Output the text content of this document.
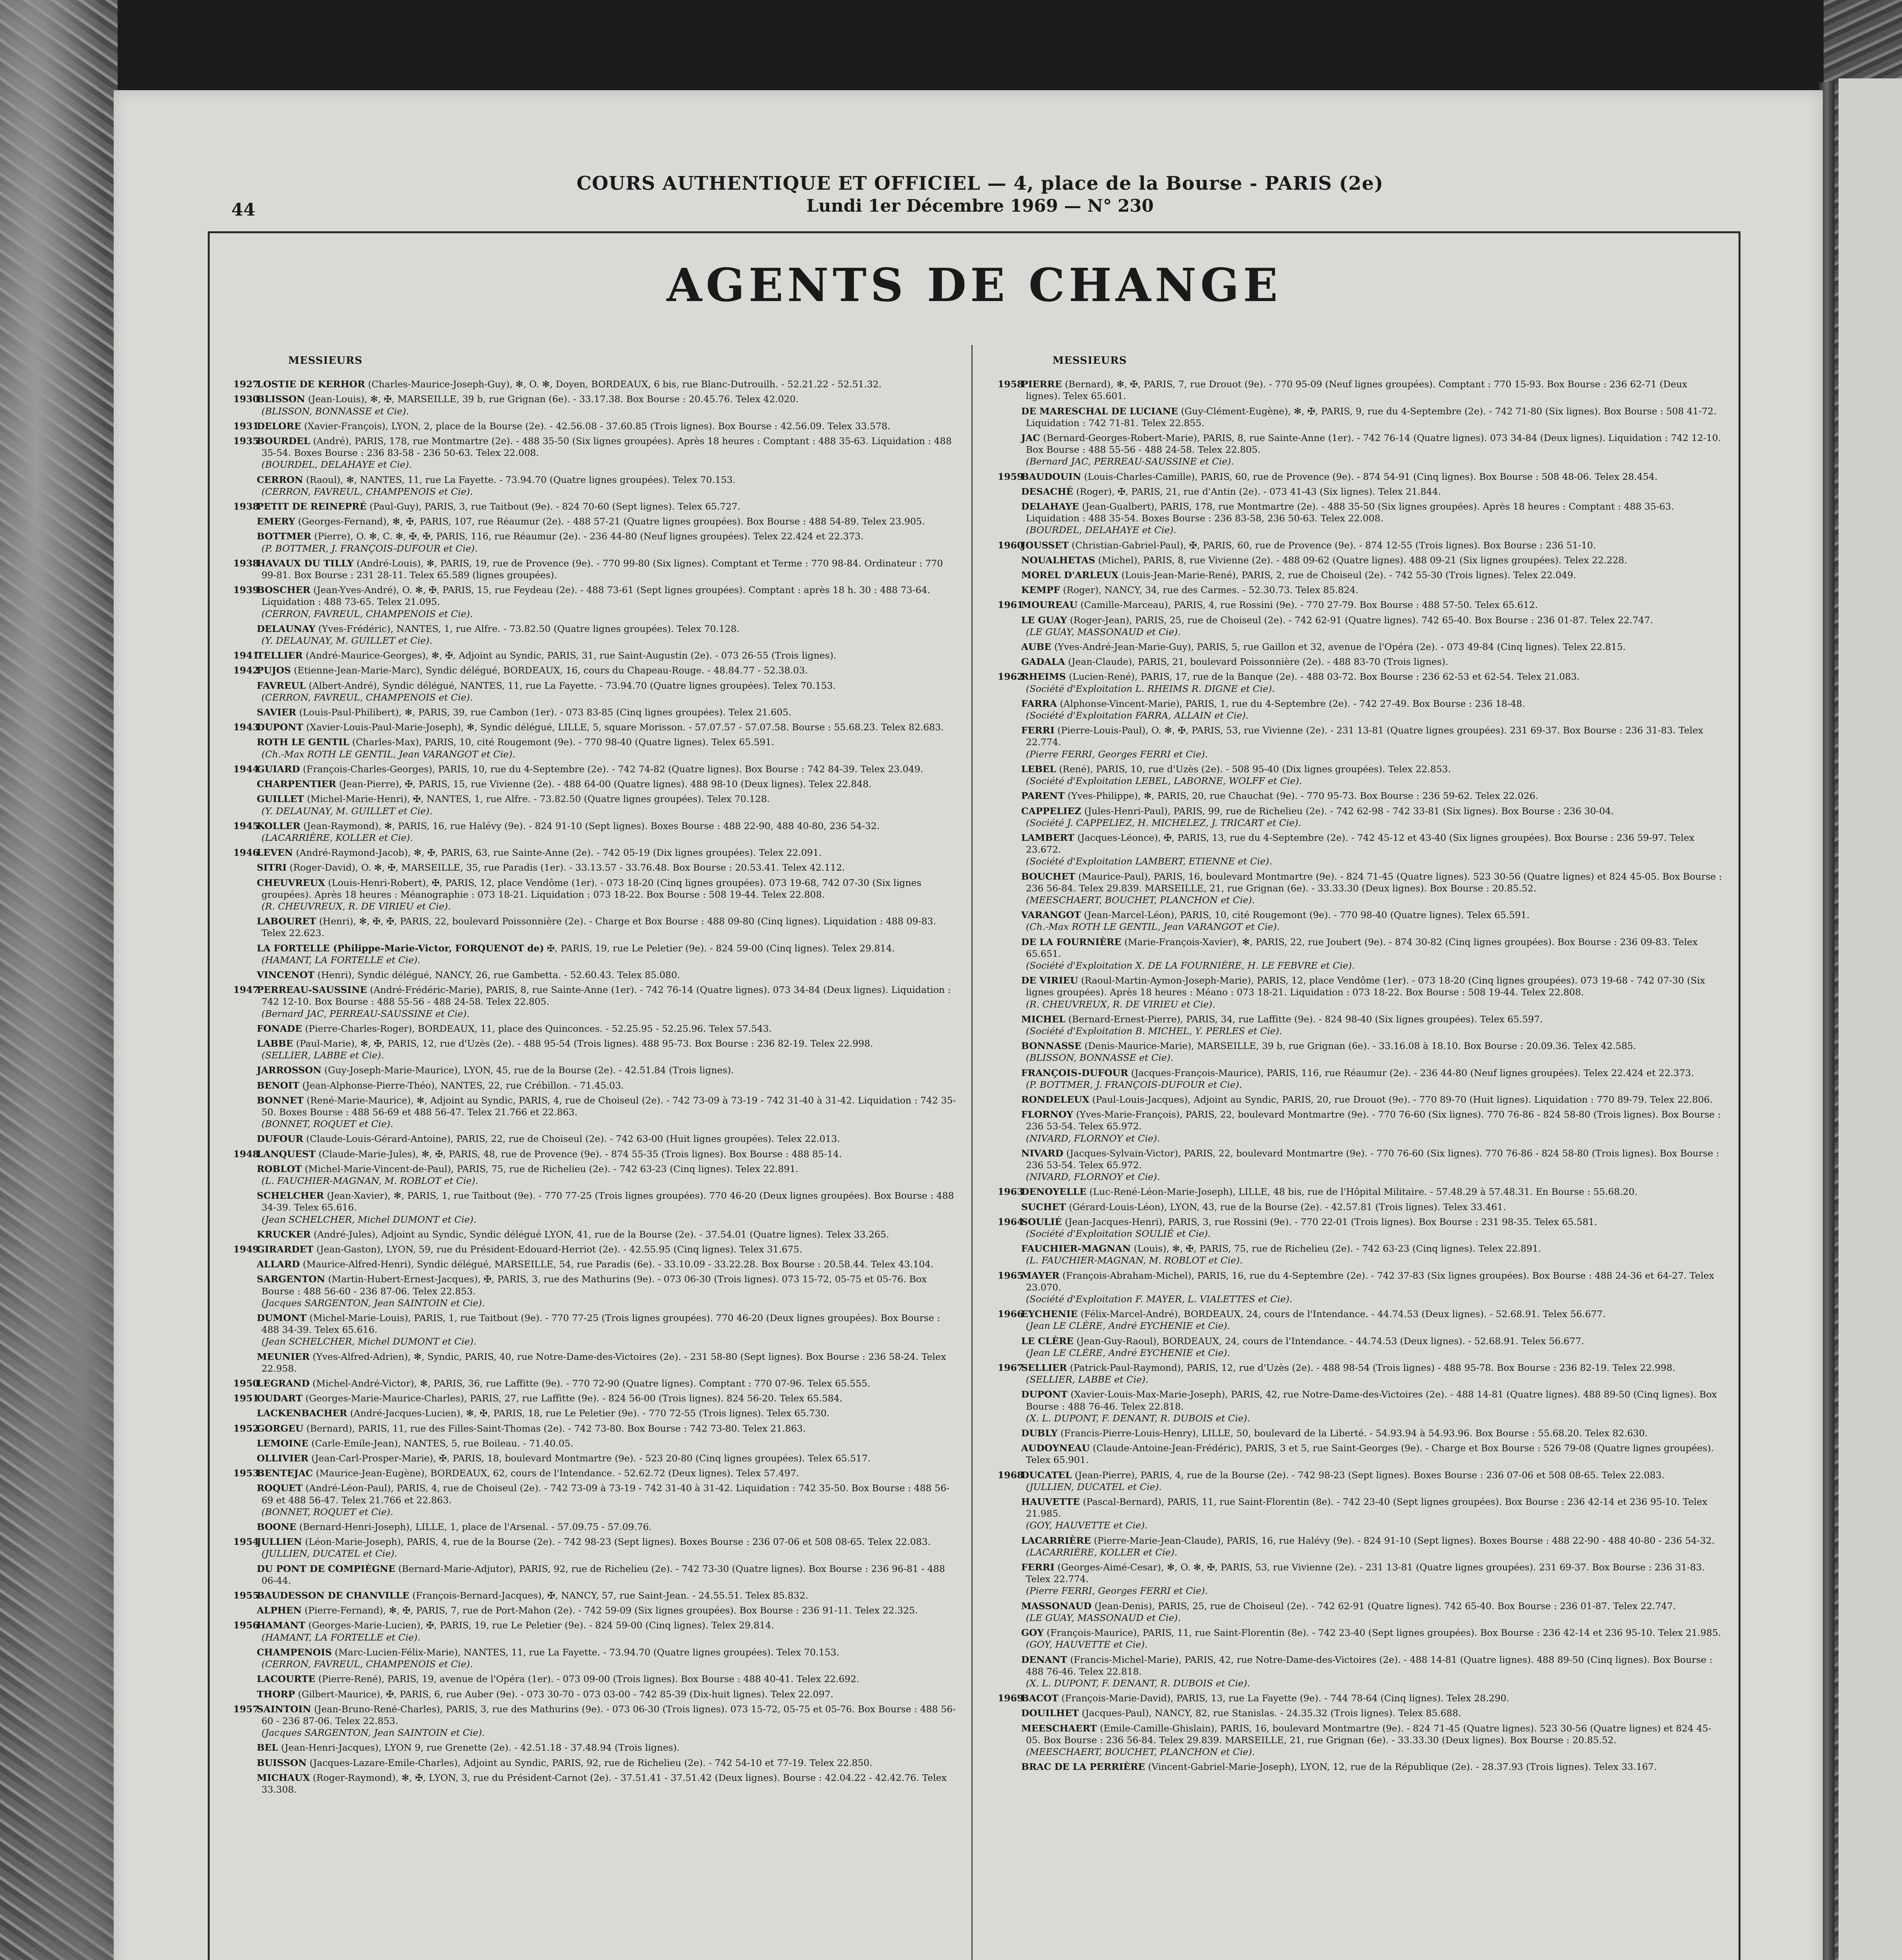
44
COURS AUTHENTIQUE ET OFFICIEL — 4, place de la Bourse - PARIS (2e)
Lundi 1er Décembre 1969 — N° 230
AGENTS DE CHANGE
MESSIEURS
1927
LOSTIE DE KERHOR (Charles-Maurice-Joseph-Guy), ✻, O. ✻, Doyen, BORDEAUX, 6 bis, rue Blanc-Dutrouilh. - 52.21.22 - 52.51.32.
1930
BLISSON (Jean-Louis), ✻, ✠, MARSEILLE, 39 b, rue Grignan (6e). - 33.17.38. Box Bourse : 20.45.76. Telex 42.020.
(BLISSON, BONNASSE et Cie).
1931
DELORE (Xavier-François), LYON, 2, place de la Bourse (2e). - 42.56.08 - 37.60.85 (Trois lignes). Box Bourse : 42.56.09. Telex 33.578.
1935
BOURDEL (André), PARIS, 178, rue Montmartre (2e). - 488 35-50 (Six lignes groupées). Après 18 heures : Comptant : 488 35-63. Liquidation : 488 35-54. Boxes Bourse : 236 83-58 - 236 50-63. Telex 22.008.
(BOURDEL, DELAHAYE et Cie).
CERRON (Raoul), ✻, NANTES, 11, rue La Fayette. - 73.94.70 (Quatre lignes groupées). Telex 70.153.
(CERRON, FAVREUL, CHAMPENOIS et Cie).
1938
PETIT DE REINEPRÉ (Paul-Guy), PARIS, 3, rue Taitbout (9e). - 824 70-60 (Sept lignes). Telex 65.727.
EMERY (Georges-Fernand), ✻, ✠, PARIS, 107, rue Réaumur (2e). - 488 57-21 (Quatre lignes groupées). Box Bourse : 488 54-89. Telex 23.905.
BOTTMER (Pierre), O. ✻, C. ✻, ✠, ✠, PARIS, 116, rue Réaumur (2e). - 236 44-80 (Neuf lignes groupées). Telex 22.424 et 22.373.
(P. BOTTMER, J. FRANÇOIS-DUFOUR et Cie).
1938
HAVAUX DU TILLY (André-Louis), ✻, PARIS, 19, rue de Provence (9e). - 770 99-80 (Six lignes). Comptant et Terme : 770 98-84. Ordinateur : 770 99-81. Box Bourse : 231 28-11. Telex 65.589 (lignes groupées).
1939
BOSCHER (Jean-Yves-André), O. ✻, ✠, PARIS, 15, rue Feydeau (2e). - 488 73-61 (Sept lignes groupées). Comptant : après 18 h. 30 : 488 73-64. Liquidation : 488 73-65. Telex 21.095.
(CERRON, FAVREUL, CHAMPENOIS et Cie).
DELAUNAY (Yves-Frédéric), NANTES, 1, rue Alfre. - 73.82.50 (Quatre lignes groupées). Telex 70.128.
(Y. DELAUNAY, M. GUILLET et Cie).
1941
TELLIER (André-Maurice-Georges), ✻, ✠, Adjoint au Syndic, PARIS, 31, rue Saint-Augustin (2e). - 073 26-55 (Trois lignes).
1942
PUJOS (Etienne-Jean-Marie-Marc), Syndic délégué, BORDEAUX, 16, cours du Chapeau-Rouge. - 48.84.77 - 52.38.03.
FAVREUL (Albert-André), Syndic délégué, NANTES, 11, rue La Fayette. - 73.94.70 (Quatre lignes groupées). Telex 70.153.
(CERRON, FAVREUL, CHAMPENOIS et Cie).
SAVIER (Louis-Paul-Philibert), ✻, PARIS, 39, rue Cambon (1er). - 073 83-85 (Cinq lignes groupées). Telex 21.605.
1943
DUPONT (Xavier-Louis-Paul-Marie-Joseph), ✻, Syndic délégué, LILLE, 5, square Morisson. - 57.07.57 - 57.07.58. Bourse : 55.68.23. Telex 82.683.
ROTH LE GENTIL (Charles-Max), PARIS, 10, cité Rougemont (9e). - 770 98-40 (Quatre lignes). Telex 65.591.
(Ch.-Max ROTH LE GENTIL, Jean VARANGOT et Cie).
1944
GUIARD (François-Charles-Georges), PARIS, 10, rue du 4-Septembre (2e). - 742 74-82 (Quatre lignes). Box Bourse : 742 84-39. Telex 23.049.
CHARPENTIER (Jean-Pierre), ✠, PARIS, 15, rue Vivienne (2e). - 488 64-00 (Quatre lignes). 488 98-10 (Deux lignes). Telex 22.848.
GUILLET (Michel-Marie-Henri), ✠, NANTES, 1, rue Alfre. - 73.82.50 (Quatre lignes groupées). Telex 70.128.
(Y. DELAUNAY, M. GUILLET et Cie).
1945
KOLLER (Jean-Raymond), ✻, PARIS, 16, rue Halévy (9e). - 824 91-10 (Sept lignes). Boxes Bourse : 488 22-90, 488 40-80, 236 54-32.
(LACARRIÈRE, KOLLER et Cie).
1946
LEVEN (André-Raymond-Jacob), ✻, ✠, PARIS, 63, rue Sainte-Anne (2e). - 742 05-19 (Dix lignes groupées). Telex 22.091.
SITRI (Roger-David), O. ✻, ✠, MARSEILLE, 35, rue Paradis (1er). - 33.13.57 - 33.76.48. Box Bourse : 20.53.41. Telex 42.112.
CHEUVREUX (Louis-Henri-Robert), ✠, PARIS, 12, place Vendôme (1er). - 073 18-20 (Cinq lignes groupées). 073 19-68, 742 07-30 (Six lignes groupées). Après 18 heures : Méanographie : 073 18-21. Liquidation : 073 18-22. Box Bourse : 508 19-44. Telex 22.808.
(R. CHEUVREUX, R. DE VIRIEU et Cie).
LABOURET (Henri), ✻, ✠, ✠, PARIS, 22, boulevard Poissonnière (2e). - Charge et Box Bourse : 488 09-80 (Cinq lignes). Liquidation : 488 09-83. Telex 22.623.
LA FORTELLE (Philippe-Marie-Victor, FORQUENOT de) ✠, PARIS, 19, rue Le Peletier (9e). - 824 59-00 (Cinq lignes). Telex 29.814.
(HAMANT, LA FORTELLE et Cie).
VINCENOT (Henri), Syndic délégué, NANCY, 26, rue Gambetta. - 52.60.43. Telex 85.080.
1947
PERREAU-SAUSSINE (André-Frédéric-Marie), PARIS, 8, rue Sainte-Anne (1er). - 742 76-14 (Quatre lignes). 073 34-84 (Deux lignes). Liquidation : 742 12-10. Box Bourse : 488 55-56 - 488 24-58. Telex 22.805.
(Bernard JAC, PERREAU-SAUSSINE et Cie).
FONADE (Pierre-Charles-Roger), BORDEAUX, 11, place des Quinconces. - 52.25.95 - 52.25.96. Telex 57.543.
LABBE (Paul-Marie), ✻, ✠, PARIS, 12, rue d'Uzès (2e). - 488 95-54 (Trois lignes). 488 95-73. Box Bourse : 236 82-19. Telex 22.998.
(SELLIER, LABBE et Cie).
JARROSSON (Guy-Joseph-Marie-Maurice), LYON, 45, rue de la Bourse (2e). - 42.51.84 (Trois lignes).
BENOIT (Jean-Alphonse-Pierre-Théo), NANTES, 22, rue Crébillon. - 71.45.03.
BONNET (René-Marie-Maurice), ✻, Adjoint au Syndic, PARIS, 4, rue de Choiseul (2e). - 742 73-09 à 73-19 - 742 31-40 à 31-42. Liquidation : 742 35-50. Boxes Bourse : 488 56-69 et 488 56-47. Telex 21.766 et 22.863.
(BONNET, ROQUET et Cie).
DUFOUR (Claude-Louis-Gérard-Antoine), PARIS, 22, rue de Choiseul (2e). - 742 63-00 (Huit lignes groupées). Telex 22.013.
1948
LANQUEST (Claude-Marie-Jules), ✻, ✠, PARIS, 48, rue de Provence (9e). - 874 55-35 (Trois lignes). Box Bourse : 488 85-14.
ROBLOT (Michel-Marie-Vincent-de-Paul), PARIS, 75, rue de Richelieu (2e). - 742 63-23 (Cinq lignes). Telex 22.891.
(L. FAUCHIER-MAGNAN, M. ROBLOT et Cie).
SCHELCHER (Jean-Xavier), ✻, PARIS, 1, rue Taitbout (9e). - 770 77-25 (Trois lignes groupées). 770 46-20 (Deux lignes groupées). Box Bourse : 488 34-39. Telex 65.616.
(Jean SCHELCHER, Michel DUMONT et Cie).
KRUCKER (André-Jules), Adjoint au Syndic, Syndic délégué LYON, 41, rue de la Bourse (2e). - 37.54.01 (Quatre lignes). Telex 33.265.
1949
GIRARDET (Jean-Gaston), LYON, 59, rue du Président-Edouard-Herriot (2e). - 42.55.95 (Cinq lignes). Telex 31.675.
ALLARD (Maurice-Alfred-Henri), Syndic délégué, MARSEILLE, 54, rue Paradis (6e). - 33.10.09 - 33.22.28. Box Bourse : 20.58.44. Telex 43.104.
SARGENTON (Martin-Hubert-Ernest-Jacques), ✠, PARIS, 3, rue des Mathurins (9e). - 073 06-30 (Trois lignes). 073 15-72, 05-75 et 05-76. Box Bourse : 488 56-60 - 236 87-06. Telex 22.853.
(Jacques SARGENTON, Jean SAINTOIN et Cie).
DUMONT (Michel-Marie-Louis), PARIS, 1, rue Taitbout (9e). - 770 77-25 (Trois lignes groupées). 770 46-20 (Deux lignes groupées). Box Bourse : 488 34-39. Telex 65.616.
(Jean SCHELCHER, Michel DUMONT et Cie).
MEUNIER (Yves-Alfred-Adrien), ✻, Syndic, PARIS, 40, rue Notre-Dame-des-Victoires (2e). - 231 58-80 (Sept lignes). Box Bourse : 236 58-24. Telex 22.958.
1950
LEGRAND (Michel-André-Victor), ✻, PARIS, 36, rue Laffitte (9e). - 770 72-90 (Quatre lignes). Comptant : 770 07-96. Telex 65.555.
1951
OUDART (Georges-Marie-Maurice-Charles), PARIS, 27, rue Laffitte (9e). - 824 56-00 (Trois lignes). 824 56-20. Telex 65.584.
LACKENBACHER (André-Jacques-Lucien), ✻, ✠, PARIS, 18, rue Le Peletier (9e). - 770 72-55 (Trois lignes). Telex 65.730.
1952
GORGEU (Bernard), PARIS, 11, rue des Filles-Saint-Thomas (2e). - 742 73-80. Box Bourse : 742 73-80. Telex 21.863.
LEMOINE (Carle-Emile-Jean), NANTES, 5, rue Boileau. - 71.40.05.
OLLIVIER (Jean-Carl-Prosper-Marie), ✠, PARIS, 18, boulevard Montmartre (9e). - 523 20-80 (Cinq lignes groupées). Telex 65.517.
1953
BENTEJAC (Maurice-Jean-Eugène), BORDEAUX, 62, cours de l'Intendance. - 52.62.72 (Deux lignes). Telex 57.497.
ROQUET (André-Léon-Paul), PARIS, 4, rue de Choiseul (2e). - 742 73-09 à 73-19 - 742 31-40 à 31-42. Liquidation : 742 35-50. Box Bourse : 488 56-69 et 488 56-47. Telex 21.766 et 22.863.
(BONNET, ROQUET et Cie).
BOONE (Bernard-Henri-Joseph), LILLE, 1, place de l'Arsenal. - 57.09.75 - 57.09.76.
1954
JULLIEN (Léon-Marie-Joseph), PARIS, 4, rue de la Bourse (2e). - 742 98-23 (Sept lignes). Boxes Bourse : 236 07-06 et 508 08-65. Telex 22.083.
(JULLIEN, DUCATEL et Cie).
DU PONT DE COMPIÈGNE (Bernard-Marie-Adjutor), PARIS, 92, rue de Richelieu (2e). - 742 73-30 (Quatre lignes). Box Bourse : 236 96-81 - 488 06-44.
1955
BAUDESSON DE CHANVILLE (François-Bernard-Jacques), ✠, NANCY, 57, rue Saint-Jean. - 24.55.51. Telex 85.832.
ALPHEN (Pierre-Fernand), ✻, ✠, PARIS, 7, rue de Port-Mahon (2e). - 742 59-09 (Six lignes groupées). Box Bourse : 236 91-11. Telex 22.325.
1956
HAMANT (Georges-Marie-Lucien), ✠, PARIS, 19, rue Le Peletier (9e). - 824 59-00 (Cinq lignes). Telex 29.814.
(HAMANT, LA FORTELLE et Cie).
CHAMPENOIS (Marc-Lucien-Félix-Marie), NANTES, 11, rue La Fayette. - 73.94.70 (Quatre lignes groupées). Telex 70.153.
(CERRON, FAVREUL, CHAMPENOIS et Cie).
LACOURTE (Pierre-René), PARIS, 19, avenue de l'Opéra (1er). - 073 09-00 (Trois lignes). Box Bourse : 488 40-41. Telex 22.692.
THORP (Gilbert-Maurice), ✠, PARIS, 6, rue Auber (9e). - 073 30-70 - 073 03-00 - 742 85-39 (Dix-huit lignes). Telex 22.097.
1957
SAINTOIN (Jean-Bruno-René-Charles), PARIS, 3, rue des Mathurins (9e). - 073 06-30 (Trois lignes). 073 15-72, 05-75 et 05-76. Box Bourse : 488 56-60 - 236 87-06. Telex 22.853.
(Jacques SARGENTON, Jean SAINTOIN et Cie).
BEL (Jean-Henri-Jacques), LYON 9, rue Grenette (2e). - 42.51.18 - 37.48.94 (Trois lignes).
BUISSON (Jacques-Lazare-Emile-Charles), Adjoint au Syndic, PARIS, 92, rue de Richelieu (2e). - 742 54-10 et 77-19. Telex 22.850.
MICHAUX (Roger-Raymond), ✻, ✠, LYON, 3, rue du Président-Carnot (2e). - 37.51.41 - 37.51.42 (Deux lignes). Bourse : 42.04.22 - 42.42.76. Telex 33.308.
MESSIEURS
1958
PIERRE (Bernard), ✻, ✠, PARIS, 7, rue Drouot (9e). - 770 95-09 (Neuf lignes groupées). Comptant : 770 15-93. Box Bourse : 236 62-71 (Deux lignes). Telex 65.601.
DE MARESCHAL DE LUCIANE (Guy-Clément-Eugène), ✻, ✠, PARIS, 9, rue du 4-Septembre (2e). - 742 71-80 (Six lignes). Box Bourse : 508 41-72. Liquidation : 742 71-81. Telex 22.855.
JAC (Bernard-Georges-Robert-Marie), PARIS, 8, rue Sainte-Anne (1er). - 742 76-14 (Quatre lignes). 073 34-84 (Deux lignes). Liquidation : 742 12-10. Box Bourse : 488 55-56 - 488 24-58. Telex 22.805.
(Bernard JAC, PERREAU-SAUSSINE et Cie).
1959
BAUDOUIN (Louis-Charles-Camille), PARIS, 60, rue de Provence (9e). - 874 54-91 (Cinq lignes). Box Bourse : 508 48-06. Telex 28.454.
DESACHÉ (Roger), ✠, PARIS, 21, rue d'Antin (2e). - 073 41-43 (Six lignes). Telex 21.844.
DELAHAYE (Jean-Gualbert), PARIS, 178, rue Montmartre (2e). - 488 35-50 (Six lignes groupées). Après 18 heures : Comptant : 488 35-63. Liquidation : 488 35-54. Boxes Bourse : 236 83-58, 236 50-63. Telex 22.008.
(BOURDEL, DELAHAYE et Cie).
1960
JOUSSET (Christian-Gabriel-Paul), ✠, PARIS, 60, rue de Provence (9e). - 874 12-55 (Trois lignes). Box Bourse : 236 51-10.
NOUALHETAS (Michel), PARIS, 8, rue Vivienne (2e). - 488 09-62 (Quatre lignes). 488 09-21 (Six lignes groupées). Telex 22.228.
MOREL D'ARLEUX (Louis-Jean-Marie-René), PARIS, 2, rue de Choiseul (2e). - 742 55-30 (Trois lignes). Telex 22.049.
KEMPF (Roger), NANCY, 34, rue des Carmes. - 52.30.73. Telex 85.824.
1961
MOUREAU (Camille-Marceau), PARIS, 4, rue Rossini (9e). - 770 27-79. Box Bourse : 488 57-50. Telex 65.612.
LE GUAY (Roger-Jean), PARIS, 25, rue de Choiseul (2e). - 742 62-91 (Quatre lignes). 742 65-40. Box Bourse : 236 01-87. Telex 22.747.
(LE GUAY, MASSONAUD et Cie).
AUBE (Yves-André-Jean-Marie-Guy), PARIS, 5, rue Gaillon et 32, avenue de l'Opéra (2e). - 073 49-84 (Cinq lignes). Telex 22.815.
GADALA (Jean-Claude), PARIS, 21, boulevard Poissonnière (2e). - 488 83-70 (Trois lignes).
1962
RHEIMS (Lucien-René), PARIS, 17, rue de la Banque (2e). - 488 03-72. Box Bourse : 236 62-53 et 62-54. Telex 21.083.
(Société d'Exploitation L. RHEIMS R. DIGNE et Cie).
FARRA (Alphonse-Vincent-Marie), PARIS, 1, rue du 4-Septembre (2e). - 742 27-49. Box Bourse : 236 18-48.
(Société d'Exploitation FARRA, ALLAIN et Cie).
FERRI (Pierre-Louis-Paul), O. ✻, ✠, PARIS, 53, rue Vivienne (2e). - 231 13-81 (Quatre lignes groupées). 231 69-37. Box Bourse : 236 31-83. Telex 22.774.
(Pierre FERRI, Georges FERRI et Cie).
LEBEL (René), PARIS, 10, rue d'Uzès (2e). - 508 95-40 (Dix lignes groupées). Telex 22.853.
(Société d'Exploitation LEBEL, LABORNE, WOLFF et Cie).
PARENT (Yves-Philippe), ✻, PARIS, 20, rue Chauchat (9e). - 770 95-73. Box Bourse : 236 59-62. Telex 22.026.
CAPPELIEZ (Jules-Henri-Paul), PARIS, 99, rue de Richelieu (2e). - 742 62-98 - 742 33-81 (Six lignes). Box Bourse : 236 30-04.
(Société J. CAPPELIEZ, H. MICHELEZ, J. TRICART et Cie).
LAMBERT (Jacques-Léonce), ✠, PARIS, 13, rue du 4-Septembre (2e). - 742 45-12 et 43-40 (Six lignes groupées). Box Bourse : 236 59-97. Telex 23.672.
(Société d'Exploitation LAMBERT, ETIENNE et Cie).
BOUCHET (Maurice-Paul), PARIS, 16, boulevard Montmartre (9e). - 824 71-45 (Quatre lignes). 523 30-56 (Quatre lignes) et 824 45-05. Box Bourse : 236 56-84. Telex 29.839. MARSEILLE, 21, rue Grignan (6e). - 33.33.30 (Deux lignes). Box Bourse : 20.85.52.
(MEESCHAERT, BOUCHET, PLANCHON et Cie).
VARANGOT (Jean-Marcel-Léon), PARIS, 10, cité Rougemont (9e). - 770 98-40 (Quatre lignes). Telex 65.591.
(Ch.-Max ROTH LE GENTIL, Jean VARANGOT et Cie).
DE LA FOURNIÈRE (Marie-François-Xavier), ✻, PARIS, 22, rue Joubert (9e). - 874 30-82 (Cinq lignes groupées). Box Bourse : 236 09-83. Telex 65.651.
(Société d'Exploitation X. DE LA FOURNIÈRE, H. LE FEBVRE et Cie).
DE VIRIEU (Raoul-Martin-Aymon-Joseph-Marie), PARIS, 12, place Vendôme (1er). - 073 18-20 (Cinq lignes groupées). 073 19-68 - 742 07-30 (Six lignes groupées). Après 18 heures : Méano : 073 18-21. Liquidation : 073 18-22. Box Bourse : 508 19-44. Telex 22.808.
(R. CHEUVREUX, R. DE VIRIEU et Cie).
MICHEL (Bernard-Ernest-Pierre), PARIS, 34, rue Laffitte (9e). - 824 98-40 (Six lignes groupées). Telex 65.597.
(Société d'Exploitation B. MICHEL, Y. PERLES et Cie).
BONNASSE (Denis-Maurice-Marie), MARSEILLE, 39 b, rue Grignan (6e). - 33.16.08 à 18.10. Box Bourse : 20.09.36. Telex 42.585.
(BLISSON, BONNASSE et Cie).
FRANÇOIS-DUFOUR (Jacques-François-Maurice), PARIS, 116, rue Réaumur (2e). - 236 44-80 (Neuf lignes groupées). Telex 22.424 et 22.373.
(P. BOTTMER, J. FRANÇOIS-DUFOUR et Cie).
RONDELEUX (Paul-Louis-Jacques), Adjoint au Syndic, PARIS, 20, rue Drouot (9e). - 770 89-70 (Huit lignes). Liquidation : 770 89-79. Telex 22.806.
FLORNOY (Yves-Marie-François), PARIS, 22, boulevard Montmartre (9e). - 770 76-60 (Six lignes). 770 76-86 - 824 58-80 (Trois lignes). Box Bourse : 236 53-54. Telex 65.972.
(NIVARD, FLORNOY et Cie).
NIVARD (Jacques-Sylvain-Victor), PARIS, 22, boulevard Montmartre (9e). - 770 76-60 (Six lignes). 770 76-86 - 824 58-80 (Trois lignes). Box Bourse : 236 53-54. Telex 65.972.
(NIVARD, FLORNOY et Cie).
1963
DENOYELLE (Luc-René-Léon-Marie-Joseph), LILLE, 48 bis, rue de l'Hôpital Militaire. - 57.48.29 à 57.48.31. En Bourse : 55.68.20.
SUCHET (Gérard-Louis-Léon), LYON, 43, rue de la Bourse (2e). - 42.57.81 (Trois lignes). Telex 33.461.
1964
SOULIÉ (Jean-Jacques-Henri), PARIS, 3, rue Rossini (9e). - 770 22-01 (Trois lignes). Box Bourse : 231 98-35. Telex 65.581.
(Société d'Exploitation SOULIÉ et Cie).
FAUCHIER-MAGNAN (Louis), ✻, ✠, PARIS, 75, rue de Richelieu (2e). - 742 63-23 (Cinq lignes). Telex 22.891.
(L. FAUCHIER-MAGNAN, M. ROBLOT et Cie).
1965
MAYER (François-Abraham-Michel), PARIS, 16, rue du 4-Septembre (2e). - 742 37-83 (Six lignes groupées). Box Bourse : 488 24-36 et 64-27. Telex 23.070.
(Société d'Exploitation F. MAYER, L. VIALETTES et Cie).
1966
EYCHENIE (Félix-Marcel-André), BORDEAUX, 24, cours de l'Intendance. - 44.74.53 (Deux lignes). - 52.68.91. Telex 56.677.
(Jean LE CLÈRE, André EYCHENIE et Cie).
LE CLÈRE (Jean-Guy-Raoul), BORDEAUX, 24, cours de l'Intendance. - 44.74.53 (Deux lignes). - 52.68.91. Telex 56.677.
(Jean LE CLÈRE, André EYCHENIE et Cie).
1967
SELLIER (Patrick-Paul-Raymond), PARIS, 12, rue d'Uzès (2e). - 488 98-54 (Trois lignes) - 488 95-78. Box Bourse : 236 82-19. Telex 22.998.
(SELLIER, LABBE et Cie).
DUPONT (Xavier-Louis-Max-Marie-Joseph), PARIS, 42, rue Notre-Dame-des-Victoires (2e). - 488 14-81 (Quatre lignes). 488 89-50 (Cinq lignes). Box Bourse : 488 76-46. Telex 22.818.
(X. L. DUPONT, F. DENANT, R. DUBOIS et Cie).
DUBLY (Francis-Pierre-Louis-Henry), LILLE, 50, boulevard de la Liberté. - 54.93.94 à 54.93.96. Box Bourse : 55.68.20. Telex 82.630.
AUDOYNEAU (Claude-Antoine-Jean-Frédéric), PARIS, 3 et 5, rue Saint-Georges (9e). - Charge et Box Bourse : 526 79-08 (Quatre lignes groupées). Telex 65.901.
1968
DUCATEL (Jean-Pierre), PARIS, 4, rue de la Bourse (2e). - 742 98-23 (Sept lignes). Boxes Bourse : 236 07-06 et 508 08-65. Telex 22.083.
(JULLIEN, DUCATEL et Cie).
HAUVETTE (Pascal-Bernard), PARIS, 11, rue Saint-Florentin (8e). - 742 23-40 (Sept lignes groupées). Box Bourse : 236 42-14 et 236 95-10. Telex 21.985.
(GOY, HAUVETTE et Cie).
LACARRIÈRE (Pierre-Marie-Jean-Claude), PARIS, 16, rue Halévy (9e). - 824 91-10 (Sept lignes). Boxes Bourse : 488 22-90 - 488 40-80 - 236 54-32.
(LACARRIÈRE, KOLLER et Cie).
FERRI (Georges-Aimé-Cesar), ✻, O. ✻, ✠, PARIS, 53, rue Vivienne (2e). - 231 13-81 (Quatre lignes groupées). 231 69-37. Box Bourse : 236 31-83. Telex 22.774.
(Pierre FERRI, Georges FERRI et Cie).
MASSONAUD (Jean-Denis), PARIS, 25, rue de Choiseul (2e). - 742 62-91 (Quatre lignes). 742 65-40. Box Bourse : 236 01-87. Telex 22.747.
(LE GUAY, MASSONAUD et Cie).
GOY (François-Maurice), PARIS, 11, rue Saint-Florentin (8e). - 742 23-40 (Sept lignes groupées). Box Bourse : 236 42-14 et 236 95-10. Telex 21.985.
(GOY, HAUVETTE et Cie).
DENANT (Francis-Michel-Marie), PARIS, 42, rue Notre-Dame-des-Victoires (2e). - 488 14-81 (Quatre lignes). 488 89-50 (Cinq lignes). Box Bourse : 488 76-46. Telex 22.818.
(X. L. DUPONT, F. DENANT, R. DUBOIS et Cie).
1969
BACOT (François-Marie-David), PARIS, 13, rue La Fayette (9e). - 744 78-64 (Cinq lignes). Telex 28.290.
DOUILHET (Jacques-Paul), NANCY, 82, rue Stanislas. - 24.35.32 (Trois lignes). Telex 85.688.
MEESCHAERT (Emile-Camille-Ghislain), PARIS, 16, boulevard Montmartre (9e). - 824 71-45 (Quatre lignes). 523 30-56 (Quatre lignes) et 824 45-05. Box Bourse : 236 56-84. Telex 29.839. MARSEILLE, 21, rue Grignan (6e). - 33.33.30 (Deux lignes). Box Bourse : 20.85.52.
(MEESCHAERT, BOUCHET, PLANCHON et Cie).
BRAC DE LA PERRIÈRE (Vincent-Gabriel-Marie-Joseph), LYON, 12, rue de la République (2e). - 28.37.93 (Trois lignes). Telex 33.167.
